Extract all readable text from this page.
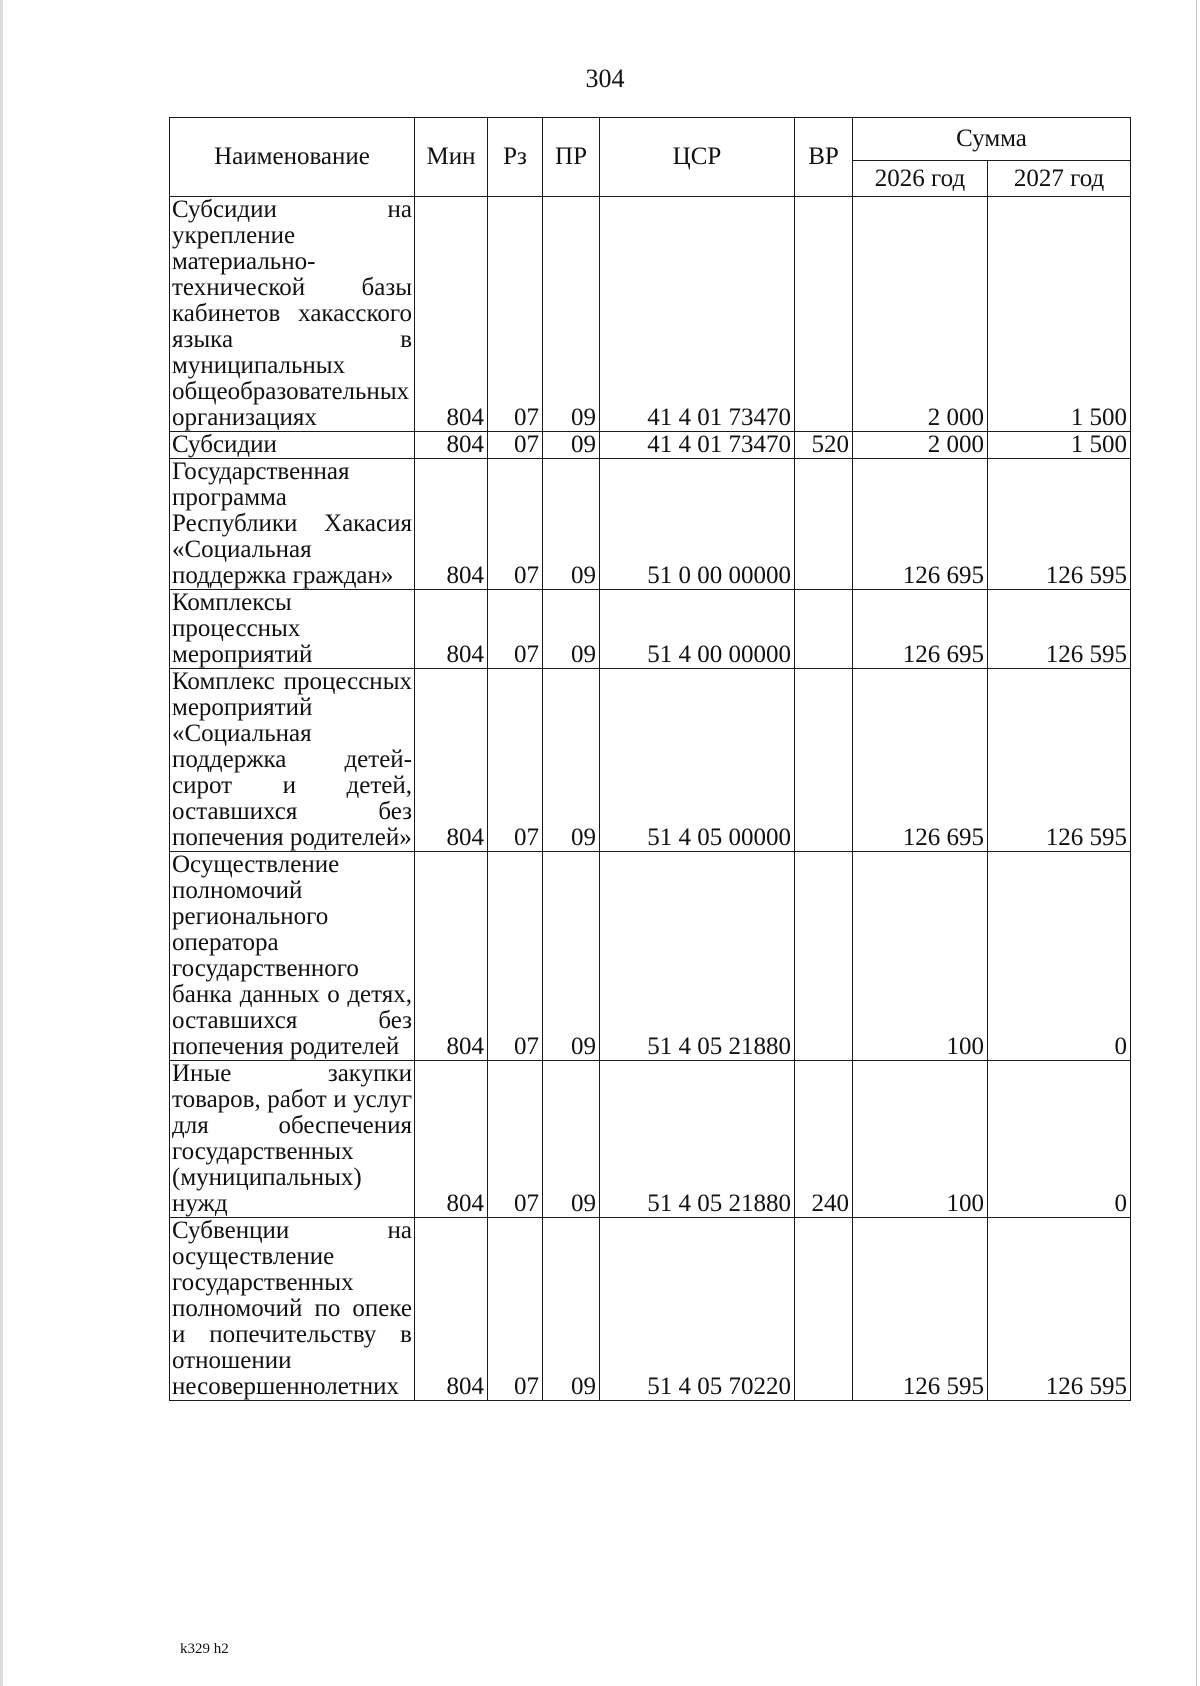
304
Наименование	Мин	Рз	ПР	ЦСР	ВР	Сумма	
						2026 год	2027 год
Субсидии на укрепление материально-технической базы кабинетов хакасского языка в муниципальных общеобразовательных организациях	804	07	09	41 4 01 73470		2 000	1 500
Субсидии	804	07	09	41 4 01 73470	520	2 000	1 500
Государственная программа Республики Хакасия «Социальная поддержка граждан»	804	07	09	51 0 00 00000		126 695	126 595
Комплексы процессных мероприятий	804	07	09	51 4 00 00000		126 695	126 595
Комплекс процессных мероприятий «Социальная поддержка детей-сирот и детей, оставшихся без попечения родителей»	804	07	09	51 4 05 00000		126 695	126 595
Осуществление полномочий регионального оператора государственного банка данных о детях, оставшихся без попечения родителей	804	07	09	51 4 05 21880		100	0
Иные закупки товаров, работ и услуг для обеспечения государственных (муниципальных) нужд	804	07	09	51 4 05 21880	240	100	0
Субвенции на осуществление государственных полномочий по опеке и попечительству в отношении несовершеннолетних	804	07	09	51 4 05 70220		126 595	126 595
k329 h2
